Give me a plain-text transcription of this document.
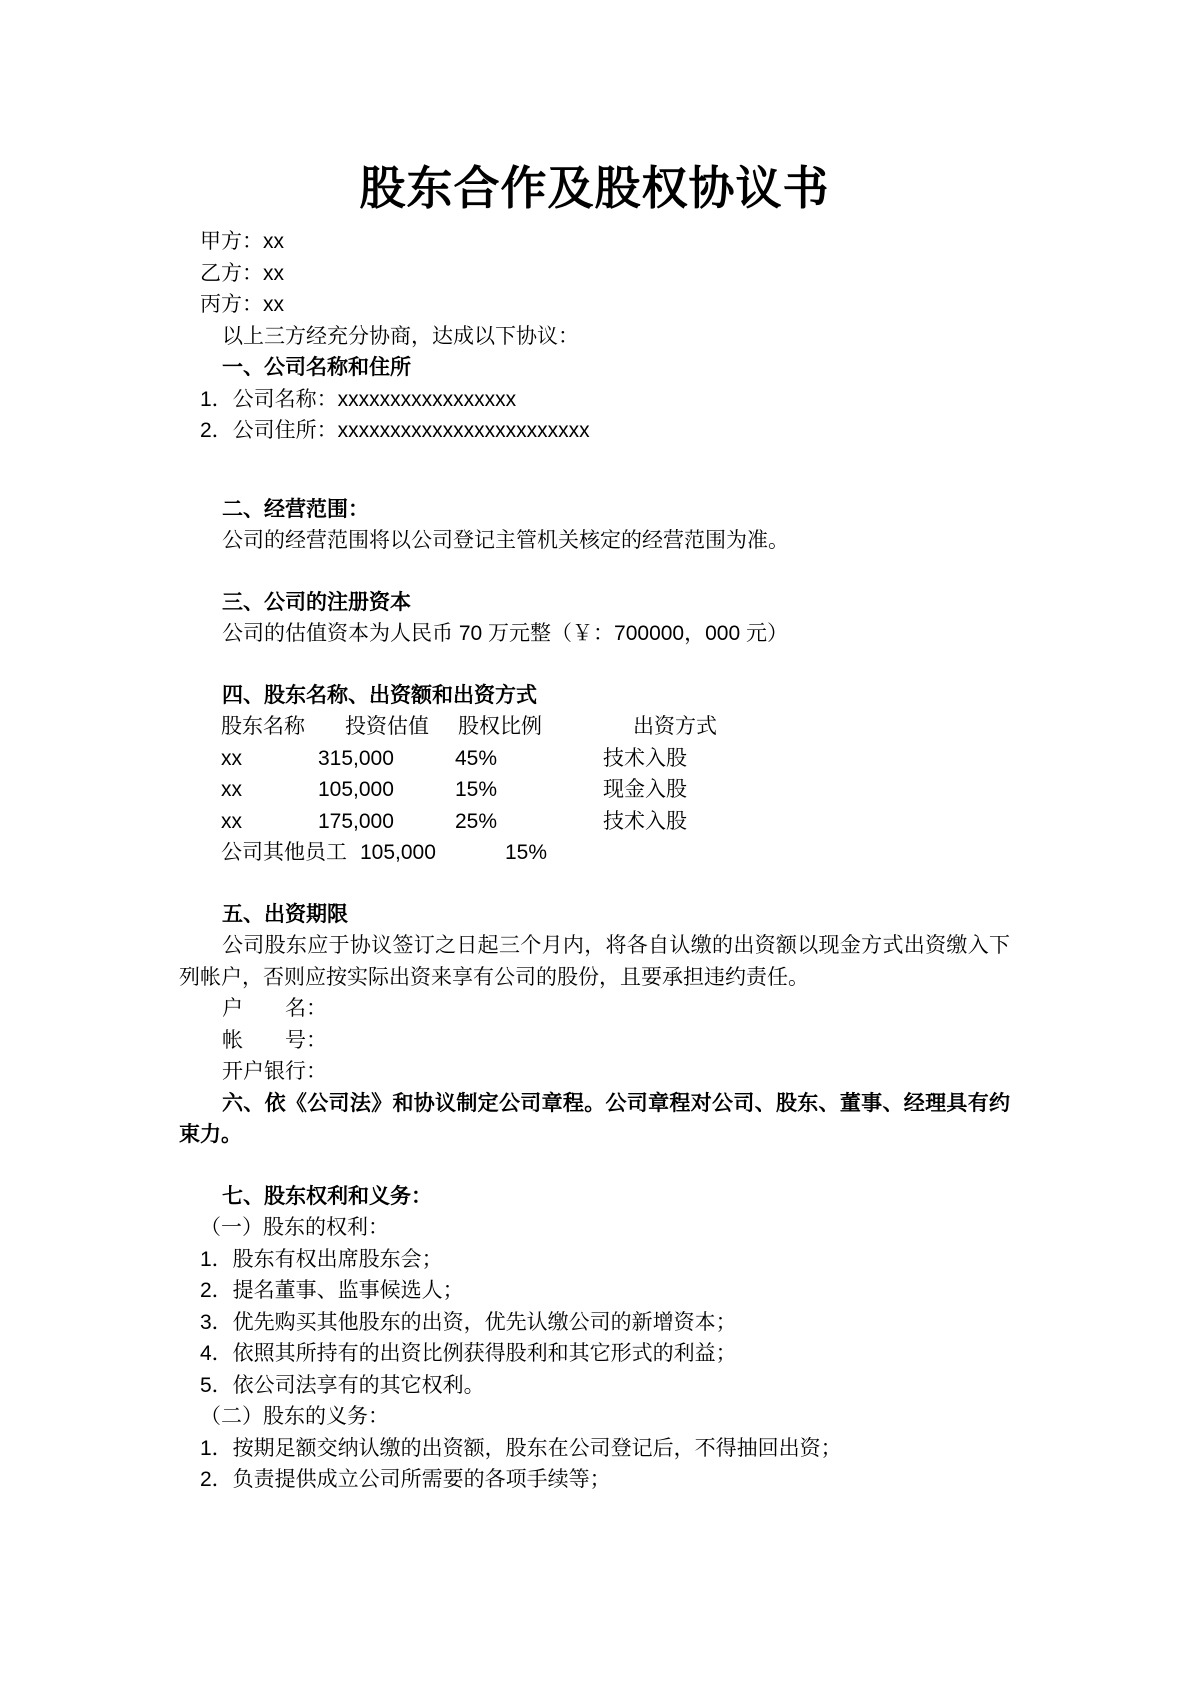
股东合作及股权协议书
甲方：xx
乙方：xx
丙方：xx
以上三方经充分协商，达成以下协议：
一、公司名称和住所
1．公司名称：xxxxxxxxxxxxxxxxx
2．公司住所：xxxxxxxxxxxxxxxxxxxxxxxx
二、经营范围：
公司的经营范围将以公司登记主管机关核定的经营范围为准。
三、公司的注册资本
公司的估值资本为人民币 70 万元整（￥：700000，000 元）
四、股东名称、出资额和出资方式
股东名称 投资估值 股权比例	出资方式
xx	315,000	45%	技术入股
xx	105,000	15%	现金入股
xx	175,000	25%	技术入股
公司其他员工 105,000	15%
五、出资期限
公司股东应于协议签订之日起三个月内，将各自认缴的出资额以现金方式出资缴入下列帐户，否则应按实际出资来享有公司的股份，且要承担违约责任。
户　　名：
帐　　号：
开户银行：
六、依《公司法》和协议制定公司章程。公司章程对公司、股东、董事、经理具有约束力。
七、股东权利和义务：
（一）股东的权利：
1．股东有权出席股东会；
2．提名董事、监事候选人；
3．优先购买其他股东的出资，优先认缴公司的新增资本；
4．依照其所持有的出资比例获得股利和其它形式的利益；
5．依公司法享有的其它权利。
（二）股东的义务：
1．按期足额交纳认缴的出资额，股东在公司登记后，不得抽回出资；
2．负责提供成立公司所需要的各项手续等；
